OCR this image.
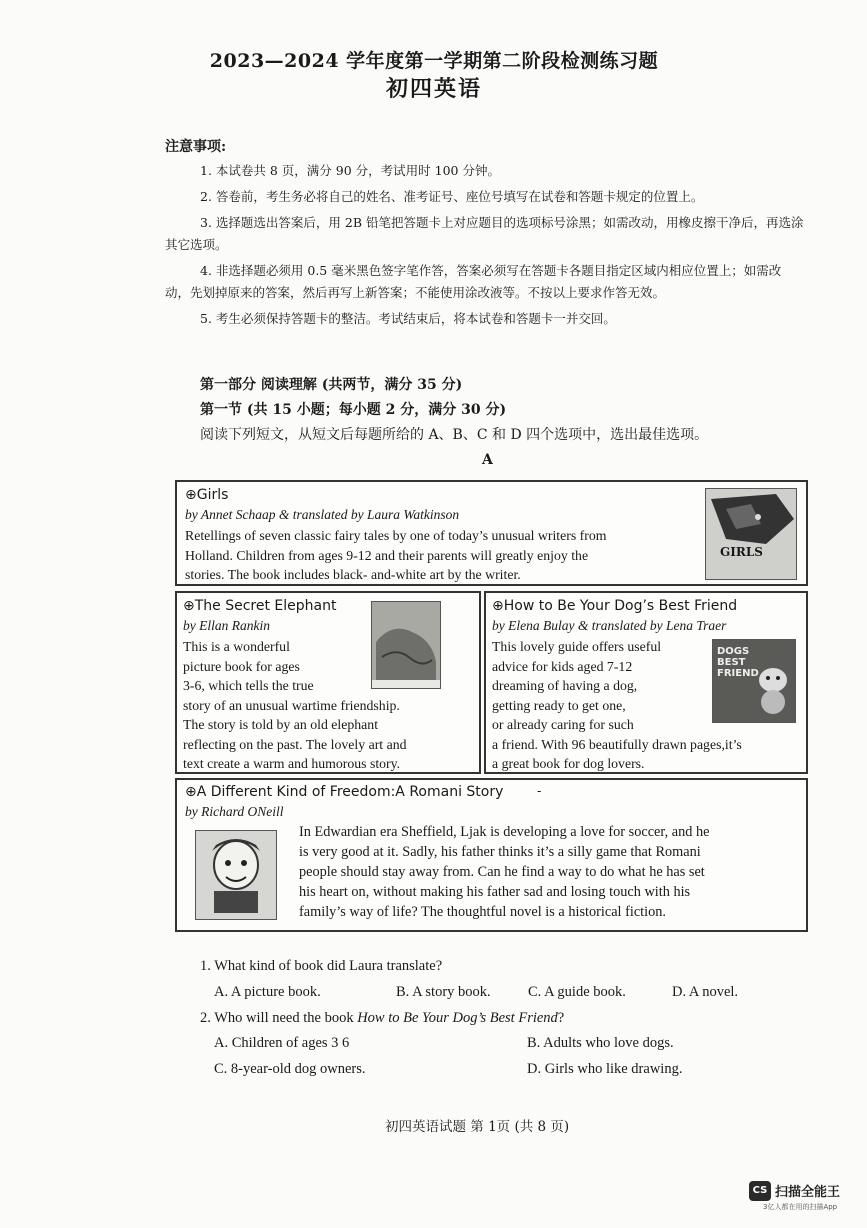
2023—2024 学年度第一学期第二阶段检测练习题
初四英语
注意事项:

1. 本试卷共 8 页，满分 90 分，考试用时 100 分钟。

2. 答卷前，考生务必将自己的姓名、准考证号、座位号填写在试卷和答题卡规定的位置上。

3. 选择题选出答案后，用 2B 铅笔把答题卡上对应题目的选项标号涂黑；如需改动，用橡皮擦干净后，再选涂其它选项。

4. 非选择题必须用 0.5 毫米黑色签字笔作答，答案必须写在答题卡各题目指定区域内相应位置上；如需改动，先划掉原来的答案，然后再写上新答案；不能使用涂改液等。不按以上要求作答无效。

5. 考生必须保持答题卡的整洁。考试结束后，将本试卷和答题卡一并交回。

第一部分 阅读理解 (共两节，满分 35 分)
第一节 (共 15 小题；每小题 2 分，满分 30 分)
阅读下列短文，从短文后每题所给的 A、B、C 和 D 四个选项中，选出最佳选项。
A
⊕Girls
by Annet Schaap & translated by Laura Watkinson
Retellings of seven classic fairy tales by one of today’s unusual writers from
Holland. Children from ages 9-12 and their parents will greatly enjoy the
stories. The book includes black- and-white art by the writer.
GIRLS
⊕The Secret Elephant
by Ellan Rankin
This is a wonderful
picture book for ages
3-6, which tells the true
story of an unusual wartime friendship.
The story is told by an old elephant
reflecting on the past. The lovely art and
text create a warm and humorous story.
⊕How to Be Your Dog’s Best Friend
by Elena Bulay & translated by Lena Traer
This lovely guide offers useful
advice for kids aged 7-12
dreaming of having a dog,
getting ready to get one,
or already caring for such
a friend. With 96 beautifully drawn pages,it’s
a great book for dog lovers.
DOGS BEST FRIEND
⊕A Different Kind of Freedom:A Romani Story	-
by Richard ONeill
In Edwardian era Sheffield, Ljak is developing a love for soccer, and he
is very good at it. Sadly, his father thinks it’s a silly game that Romani
people should stay away from. Can he find a way to do what he has set
his heart on, without making his father sad and losing touch with his
family’s way of life? The thoughtful novel is a historical fiction.
1. What kind of book did Laura translate?
A. A picture book.	B. A story book.	C. A guide book.	D. A novel.
2. Who will need the book How to Be Your Dog’s Best Friend?
A. Children of ages 3 6	B. Adults who love dogs.
C. 8-year-old dog owners.	D. Girls who like drawing.
初四英语试题 第 1页 (共 8 页)
CS 扫描全能王
3亿人都在用的扫描App
